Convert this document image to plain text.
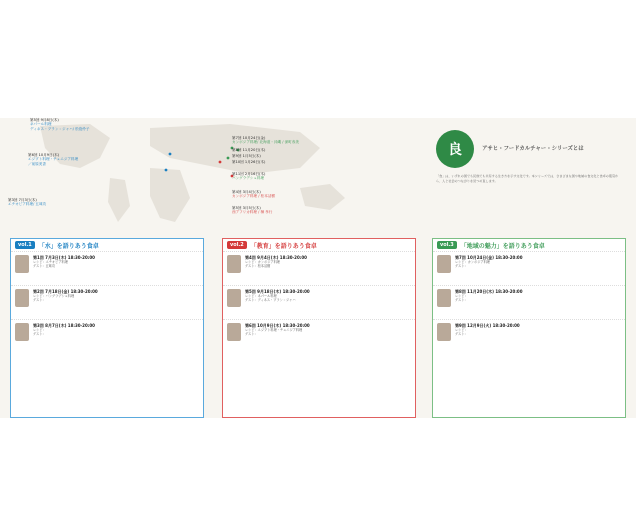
第5回 9月8日(木)
ネパール料理
ディネス・プラン゠ジャハ/ 松島伶子
第6回 10月9日(木)
エジプト料理・チュニジア料理
／前原美香
第3回 7月3日(木)
エチオピア料理/ 五味功
第7回 10月24日(金)
カンボジア料理/ 北海道・沖縄 / 深町寿美
第8回 11月20日(木)
第9回 1月5日(木)
第10回 1月26日(木)
第11回 2月16日(木)
バングラデシュ料理
第4回 3月4日(木)
カンボジア料理 / 松本活樹
第5回 3月5日(木)
西アフリカ料理 / 榊 孝行
良	アサヒ・フードカルチャー・シリーズとは
「食」は、いずれの国でも民族でも共有する生き方を示す文化です。本シリーズでは、さまざまな国や地域の食文化と食卓の風景から、人と社会のつながりを見つめ直します。
vol.1	「水」を語りあう食卓
第1回 7月3日(木) 18:30-20:00
レシピ：エチオピア料理
ゲスト：五味功
第2回 7月18日(金) 18:30-20:00
レシピ：バングラデシュ料理
ゲスト：
第3回 8月7日(木) 18:30-20:00
レシピ：
ゲスト：
vol.2	「教育」を語りあう食卓
第4回 9月4日(木) 18:30-20:00
レシピ：カンボジア料理
ゲスト：松本活樹
第5回 9月18日(木) 18:30-20:00
レシピ：ネパール料理
ゲスト：ディネス・プラン゠ジャハ
第6回 10月9日(木) 18:30-20:00
レシピ：エジプト料理・チュニジア料理
ゲスト：
vol.3	「地域の魅力」を語りあう食卓
第7回 10月24日(金) 18:30-20:00
レシピ：カンボジア料理
ゲスト：
第8回 11月20日(木) 18:30-20:00
レシピ：
ゲスト：
第9回 12月9日(火) 18:30-20:00
レシピ：
ゲスト：
